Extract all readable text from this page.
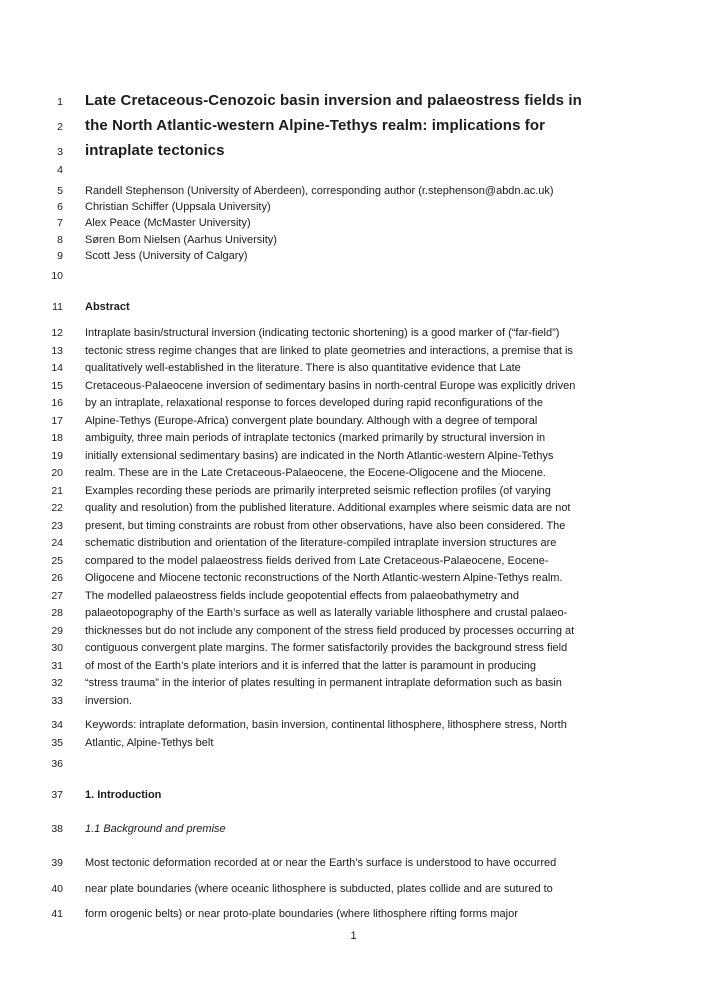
1 Late Cretaceous-Cenozoic basin inversion and palaeostress fields in
2 the North Atlantic-western Alpine-Tethys realm: implications for
3 intraplate tectonics
4
5 Randell Stephenson (University of Aberdeen), corresponding author (r.stephenson@abdn.ac.uk)
6 Christian Schiffer (Uppsala University)
7 Alex Peace (McMaster University)
8 Søren Bom Nielsen (Aarhus University)
9 Scott Jess (University of Calgary)
10
11 Abstract
12 Intraplate basin/structural inversion (indicating tectonic shortening) is a good marker of (“far-field”)
13 tectonic stress regime changes that are linked to plate geometries and interactions, a premise that is
14 qualitatively well-established in the literature. There is also quantitative evidence that Late
15 Cretaceous-Palaeocene inversion of sedimentary basins in north-central Europe was explicitly driven
16 by an intraplate, relaxational response to forces developed during rapid reconfigurations of the
17 Alpine-Tethys (Europe-Africa) convergent plate boundary. Although with a degree of temporal
18 ambiguity, three main periods of intraplate tectonics (marked primarily by structural inversion in
19 initially extensional sedimentary basins) are indicated in the North Atlantic-western Alpine-Tethys
20 realm. These are in the Late Cretaceous-Palaeocene, the Eocene-Oligocene and the Miocene.
21 Examples recording these periods are primarily interpreted seismic reflection profiles (of varying
22 quality and resolution) from the published literature. Additional examples where seismic data are not
23 present, but timing constraints are robust from other observations, have also been considered. The
24 schematic distribution and orientation of the literature-compiled intraplate inversion structures are
25 compared to the model palaeostress fields derived from Late Cretaceous-Palaeocene, Eocene-
26 Oligocene and Miocene tectonic reconstructions of the North Atlantic-western Alpine-Tethys realm.
27 The modelled palaeostress fields include geopotential effects from palaeobathymetry and
28 palaeotopography of the Earth’s surface as well as laterally variable lithosphere and crustal palaeo-
29 thicknesses but do not include any component of the stress field produced by processes occurring at
30 contiguous convergent plate margins. The former satisfactorily provides the background stress field
31 of most of the Earth’s plate interiors and it is inferred that the latter is paramount in producing
32 “stress trauma” in the interior of plates resulting in permanent intraplate deformation such as basin
33 inversion.
34 Keywords: intraplate deformation, basin inversion, continental lithosphere, lithosphere stress, North
35 Atlantic, Alpine-Tethys belt
36
37 1. Introduction
38 1.1 Background and premise
39 Most tectonic deformation recorded at or near the Earth’s surface is understood to have occurred
40 near plate boundaries (where oceanic lithosphere is subducted, plates collide and are sutured to
41 form orogenic belts) or near proto-plate boundaries (where lithosphere rifting forms major
1
